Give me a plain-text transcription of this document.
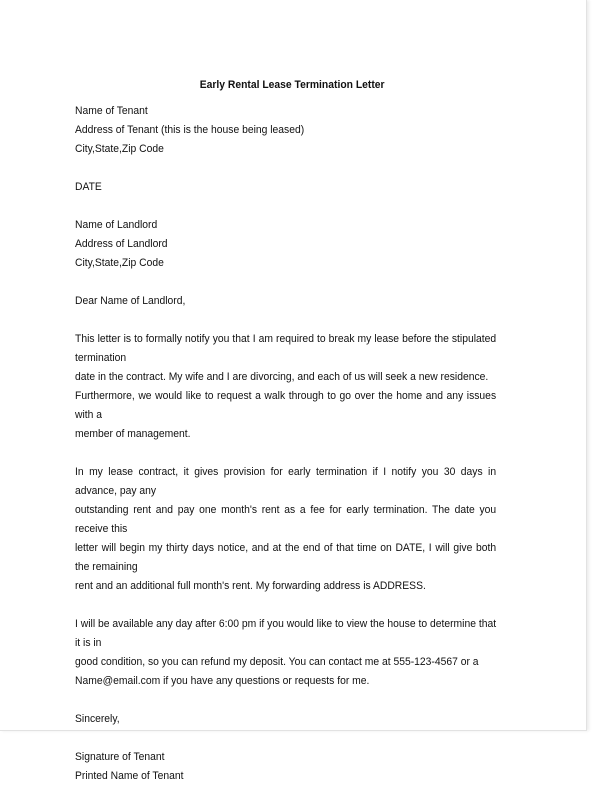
Early Rental Lease Termination Letter

Name of Tenant

Address of Tenant (this is the house being leased)

City,State,Zip Code

DATE

Name of Landlord

Address of Landlord

City,State,Zip Code

Dear Name of Landlord,

This letter is to formally notify you that I am required to break my lease before the stipulated termination

date in the contract. My wife and I are divorcing, and each of us will seek a new residence.

Furthermore, we would like to request a walk through to go over the home and any issues with a

member of management.

In my lease contract, it gives provision for early termination if I notify you 30 days in advance, pay any

outstanding rent and pay one month's rent as a fee for early termination. The date you receive this

letter will begin my thirty days notice, and at the end of that time on DATE, I will give both the remaining

rent and an additional full month's rent. My forwarding address is ADDRESS.

I will be available any day after 6:00 pm if you would like to view the house to determine that it is in

good condition, so you can refund my deposit. You can contact me at 555-123-4567 or a

Name@email.com if you have any questions or requests for me.

Sincerely,

Signature of Tenant

Printed Name of Tenant
